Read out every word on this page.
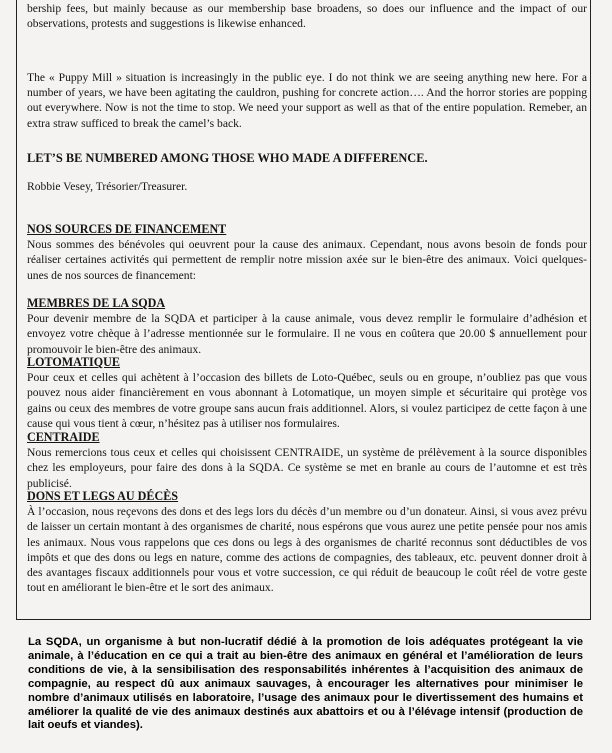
bership fees, but mainly because as our membership base broadens, so does our influence and the impact of our observations, protests and suggestions is likewise enhanced.

The « Puppy Mill » situation is increasingly in the public eye. I do not think we are seeing anything new here. For a number of years, we have been agitating the cauldron, pushing for concrete action…. And the horror stories are popping out everywhere. Now is not the time to stop. We need your support as well as that of the entire population. Remeber, an extra straw sufficed to break the camel’s back.

LET’S BE NUMBERED AMONG THOSE WHO MADE A DIFFERENCE.

Robbie Vesey, Trésorier/Treasurer.

NOS SOURCES DE FINANCEMENT
Nous sommes des bénévoles qui oeuvrent pour la cause des animaux. Cependant, nous avons besoin de fonds pour réaliser certaines activités qui permettent de remplir notre mission axée sur le bien-être des animaux. Voici quelques-unes de nos sources de financement:
MEMBRES DE LA SQDA
Pour devenir membre de la SQDA et participer à la cause animale, vous devez remplir le formulaire d’adhésion et envoyez votre chèque à l’adresse mentionnée sur le formulaire. Il ne vous en coûtera que 20.00 $ annuellement pour promouvoir le bien-être des animaux.
LOTOMATIQUE
Pour ceux et celles qui achètent à l’occasion des billets de Loto-Québec, seuls ou en groupe, n’oubliez pas que vous pouvez nous aider financièrement en vous abonnant à Lotomatique, un moyen simple et sécuritaire qui protège vos gains ou ceux des membres de votre groupe sans aucun frais additionnel. Alors, si voulez participez de cette façon à une cause qui vous tient à cœur, n’hésitez pas à utiliser nos formulaires.
CENTRAIDE
Nous remercions tous ceux et celles qui choisissent CENTRAIDE, un système de prélèvement à la source disponibles chez les employeurs, pour faire des dons à la SQDA. Ce système se met en branle au cours de l’automne et est très publicisé.
DONS ET LEGS AU DÉCÈS
À l’occasion, nous reçevons des dons et des legs lors du décès d’un membre ou d’un donateur. Ainsi, si vous avez prévu de laisser un certain montant à des organismes de charité, nous espérons que vous aurez une petite pensée pour nos amis les animaux. Nous vous rappelons que ces dons ou legs à des organismes de charité reconnus sont déductibles de vos impôts et que des dons ou legs en nature, comme des actions de compagnies, des tableaux, etc. peuvent donner droit à des avantages fiscaux additionnels pour vous et votre succession, ce qui réduit de beaucoup le coût réel de votre geste tout en améliorant le bien-être et le sort des animaux.

La SQDA, un organisme à but non-lucratif dédié à la promotion de lois adéquates protégeant la vie animale, à l’éducation en ce qui a trait au bien-être des animaux en général et l’amélioration de leurs conditions de vie, à la sensibilisation des responsabilités inhérentes à l’acquisition des animaux de compagnie, au respect dû aux animaux sauvages, à encourager les alternatives pour minimiser le nombre d’animaux utilisés en laboratoire, l’usage des animaux pour le divertissement des humains et améliorer la qualité de vie des animaux destinés aux abattoirs et ou à l’élévage intensif (production de lait oeufs et viandes).
